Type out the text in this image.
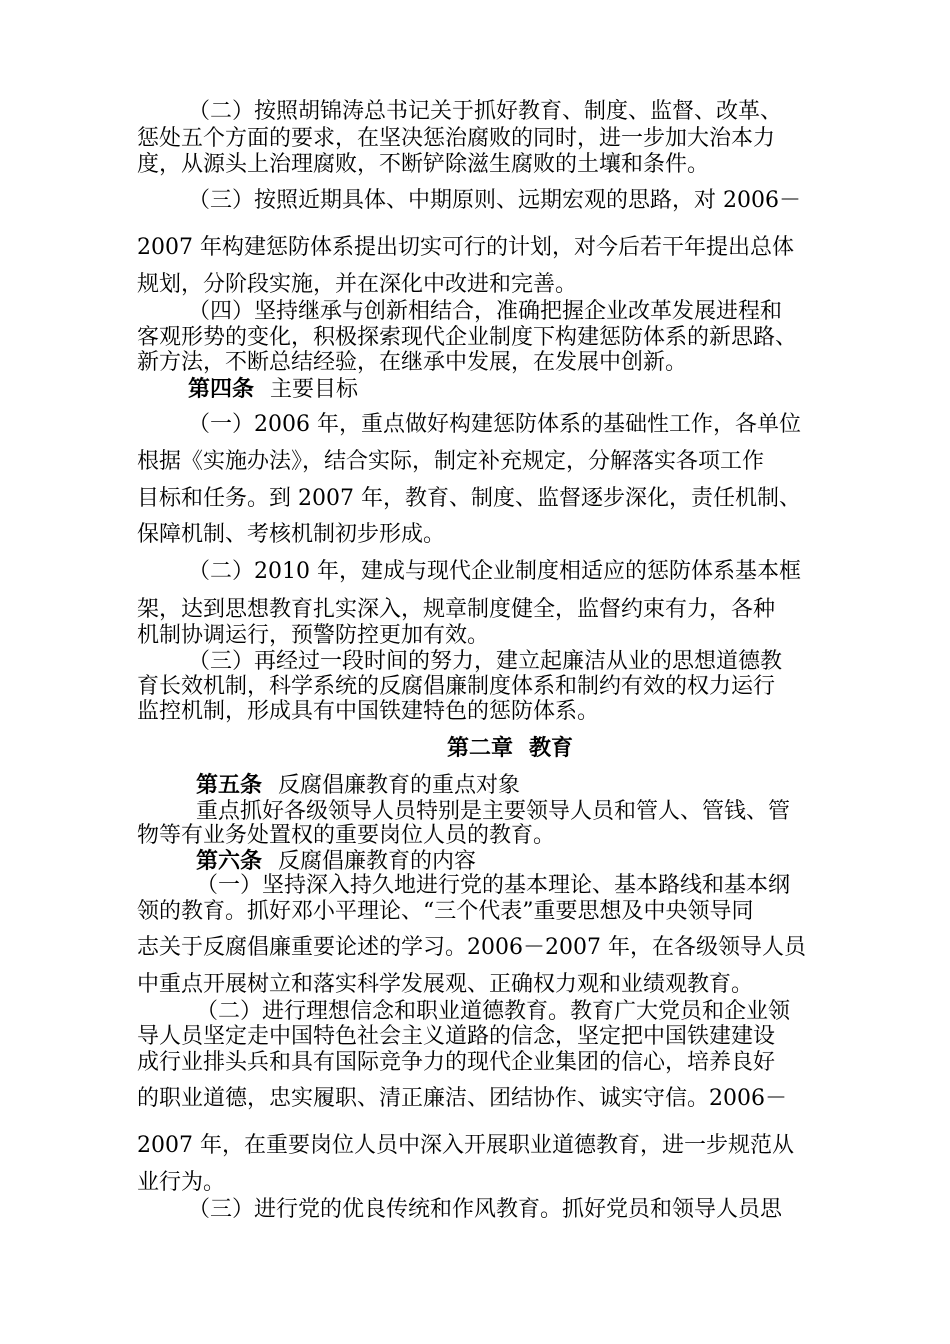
（二）按照胡锦涛总书记关于抓好教育、制度、监督、改革、
惩处五个方面的要求，在坚决惩治腐败的同时，进一步加大治本力
度，从源头上治理腐败，不断铲除滋生腐败的土壤和条件。
（三）按照近期具体、中期原则、远期宏观的思路，对 2006－
2007 年构建惩防体系提出切实可行的计划，对今后若干年提出总体
规划，分阶段实施，并在深化中改进和完善。
（四）坚持继承与创新相结合，准确把握企业改革发展进程和
客观形势的变化，积极探索现代企业制度下构建惩防体系的新思路、
新方法，不断总结经验，在继承中发展，在发展中创新。
第四条 主要目标
（一）2006 年，重点做好构建惩防体系的基础性工作，各单位
根据《实施办法》，结合实际，制定补充规定，分解落实各项工作
目标和任务。到 2007 年，教育、制度、监督逐步深化，责任机制、
保障机制、考核机制初步形成。
（二）2010 年，建成与现代企业制度相适应的惩防体系基本框
架，达到思想教育扎实深入，规章制度健全，监督约束有力，各种
机制协调运行，预警防控更加有效。
（三）再经过一段时间的努力，建立起廉洁从业的思想道德教
育长效机制，科学系统的反腐倡廉制度体系和制约有效的权力运行
监控机制，形成具有中国铁建特色的惩防体系。
第二章 教育
第五条 反腐倡廉教育的重点对象
重点抓好各级领导人员特别是主要领导人员和管人、管钱、管
物等有业务处置权的重要岗位人员的教育。
第六条 反腐倡廉教育的内容
（一）坚持深入持久地进行党的基本理论、基本路线和基本纲
领的教育。抓好邓小平理论、“三个代表”重要思想及中央领导同
志关于反腐倡廉重要论述的学习。2006－2007 年，在各级领导人员
中重点开展树立和落实科学发展观、正确权力观和业绩观教育。
（二）进行理想信念和职业道德教育。教育广大党员和企业领
导人员坚定走中国特色社会主义道路的信念，坚定把中国铁建建设
成行业排头兵和具有国际竞争力的现代企业集团的信心，培养良好
的职业道德，忠实履职、清正廉洁、团结协作、诚实守信。2006－
2007 年，在重要岗位人员中深入开展职业道德教育，进一步规范从
业行为。
（三）进行党的优良传统和作风教育。抓好党员和领导人员思
